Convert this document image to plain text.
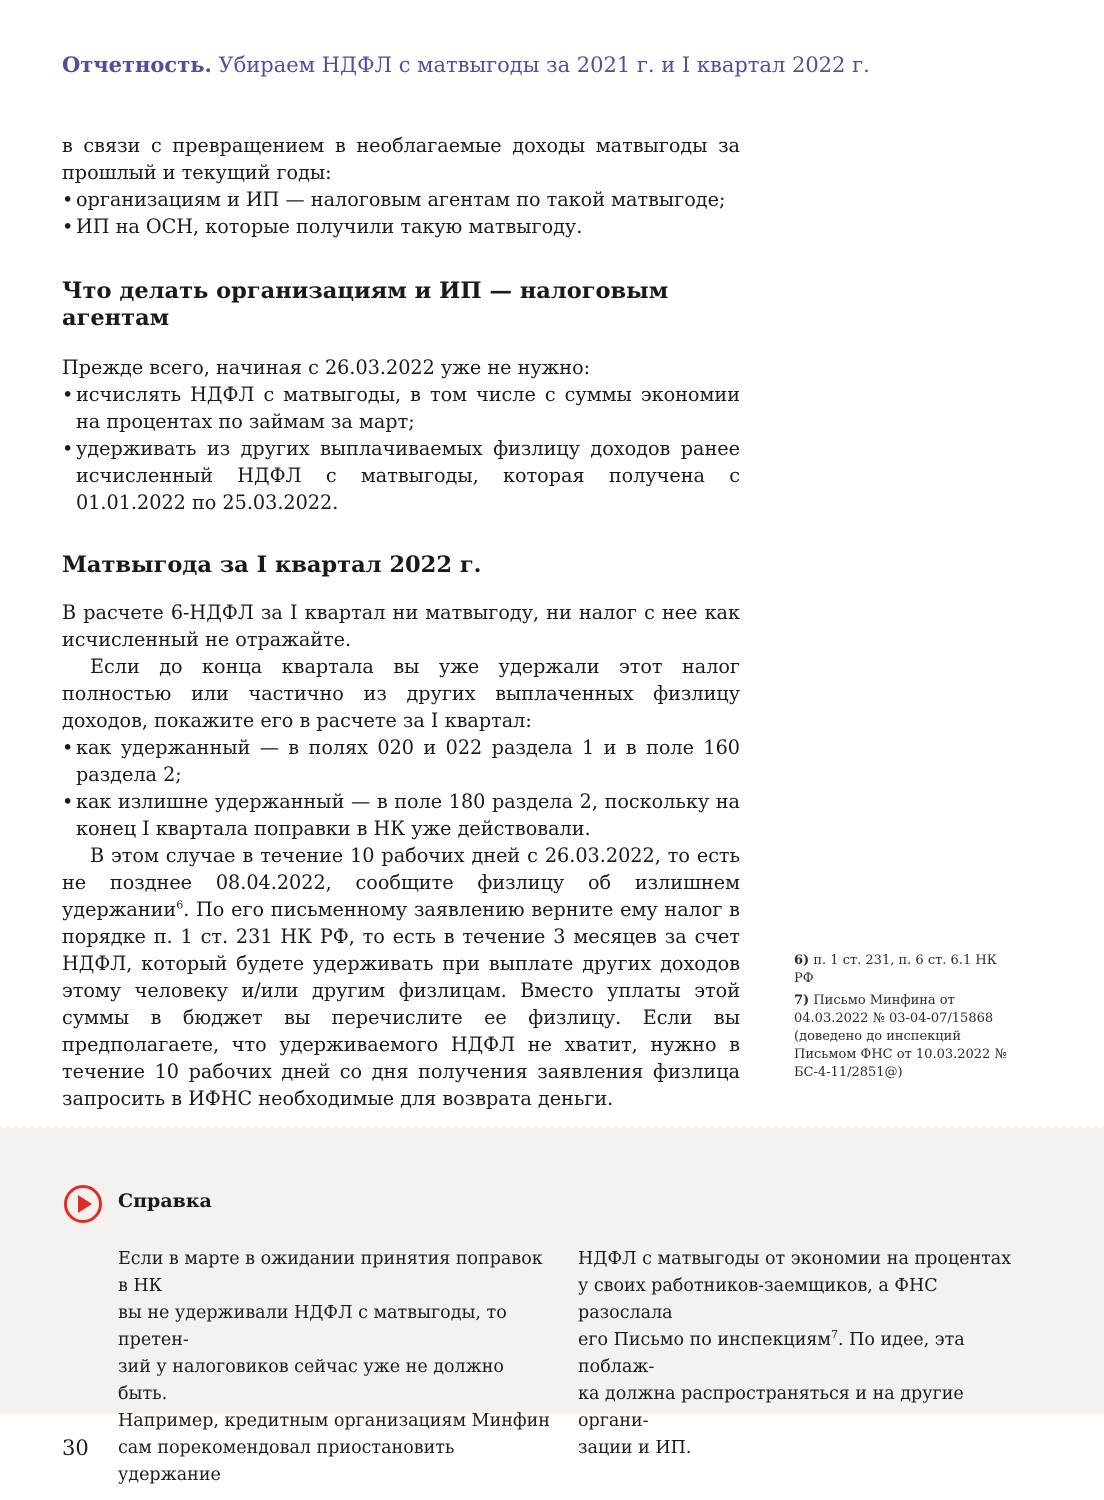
Отчетность. Убираем НДФЛ с матвыгоды за 2021 г. и I квартал 2022 г.

в связи с превращением в необлагаемые доходы матвыгоды за прошлый и текущий годы:

• организациям и ИП — налоговым агентам по такой матвыгоде;
• ИП на ОСН, которые получили такую матвыгоду.
Что делать организациям и ИП — налоговым агентам

Прежде всего, начиная с 26.03.2022 уже не нужно:

• исчислять НДФЛ с матвыгоды, в том числе с суммы экономии на процентах по займам за март;
• удерживать из других выплачиваемых физлицу доходов ранее исчисленный НДФЛ с матвыгоды, которая получена с 01.01.2022 по 25.03.2022.
Матвыгода за I квартал 2022 г.

В расчете 6-НДФЛ за I квартал ни матвыгоду, ни налог с нее как исчисленный не отражайте.

Если до конца квартала вы уже удержали этот налог полностью или частично из других выплаченных физлицу доходов, покажите его в расчете за I квартал:

• как удержанный — в полях 020 и 022 раздела 1 и в поле 160 раздела 2;
• как излишне удержанный — в поле 180 раздела 2, поскольку на конец I квартала поправки в НК уже действовали.

В этом случае в течение 10 рабочих дней с 26.03.2022, то есть не позднее 08.04.2022, сообщите физлицу об излишнем удержании$^6$. По его письменному заявлению верните ему налог в порядке п. 1 ст. 231 НК РФ, то есть в течение 3 месяцев за счет НДФЛ, который будете удерживать при выплате других доходов этому человеку и/или другим физлицам. Вместо уплаты этой суммы в бюджет вы перечислите ее физлицу. Если вы предполагаете, что удерживаемого НДФЛ не хватит, нужно в течение 10 рабочих дней со дня получения заявления физлица запросить в ИФНС необходимые для возврата деньги.

6) п. 1 ст. 231, п. 6 ст. 6.1 НК РФ
7) Письмо Минфина от 04.03.2022 № 03-04-07/15868 (доведено до инспекций Письмом ФНС от 10.03.2022 № БС-4-11/2851@)
Справка

Если в марте в ожидании принятия поправок в НК

вы не удерживали НДФЛ с матвыгоды, то претен-

зий у налоговиков сейчас уже не должно быть.

Например, кредитным организациям Минфин

сам порекомендовал приостановить удержание

НДФЛ с матвыгоды от экономии на процентах

у своих работников-заемщиков, а ФНС разослала

его Письмо по инспекциям$^7$. По идее, эта поблаж-

ка должна распространяться и на другие органи-

зации и ИП.

30
